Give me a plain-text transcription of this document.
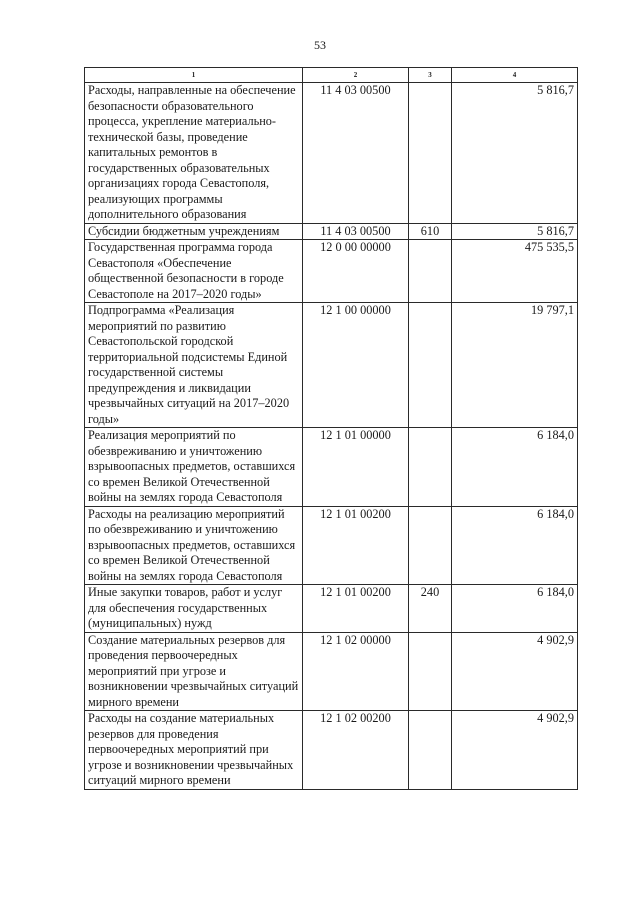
53
1	2	3	4
Расходы, направленные на обеспечение безопасности образовательного процесса, укрепление материально-технической базы, проведение капитальных ремонтов в государственных образовательных организациях города Севастополя, реализующих программы дополнительного образования	11 4 03 00500		5 816,7
Субсидии бюджетным учреждениям	11 4 03 00500	610	5 816,7
Государственная программа города Севастополя «Обеспечение общественной безопасности в городе Севастополе на 2017–2020 годы»	12 0 00 00000		475 535,5
Подпрограмма «Реализация мероприятий по развитию Севастопольской городской территориальной подсистемы Единой государственной системы предупреждения и ликвидации чрезвычайных ситуаций на 2017–2020 годы»	12 1 00 00000		19 797,1
Реализация мероприятий по обезвреживанию и уничтожению взрывоопасных предметов, оставшихся со времен Великой Отечественной войны на землях города Севастополя	12 1 01 00000		6 184,0
Расходы на реализацию мероприятий по обезвреживанию и уничтожению взрывоопасных предметов, оставшихся со времен Великой Отечественной войны на землях города Севастополя	12 1 01 00200		6 184,0
Иные закупки товаров, работ и услуг для обеспечения государственных (муниципальных) нужд	12 1 01 00200	240	6 184,0
Создание материальных резервов для проведения первоочередных мероприятий при угрозе и возникновении чрезвычайных ситуаций мирного времени	12 1 02 00000		4 902,9
Расходы на создание материальных резервов для проведения первоочередных мероприятий при угрозе и возникновении чрезвычайных ситуаций мирного времени	12 1 02 00200		4 902,9
